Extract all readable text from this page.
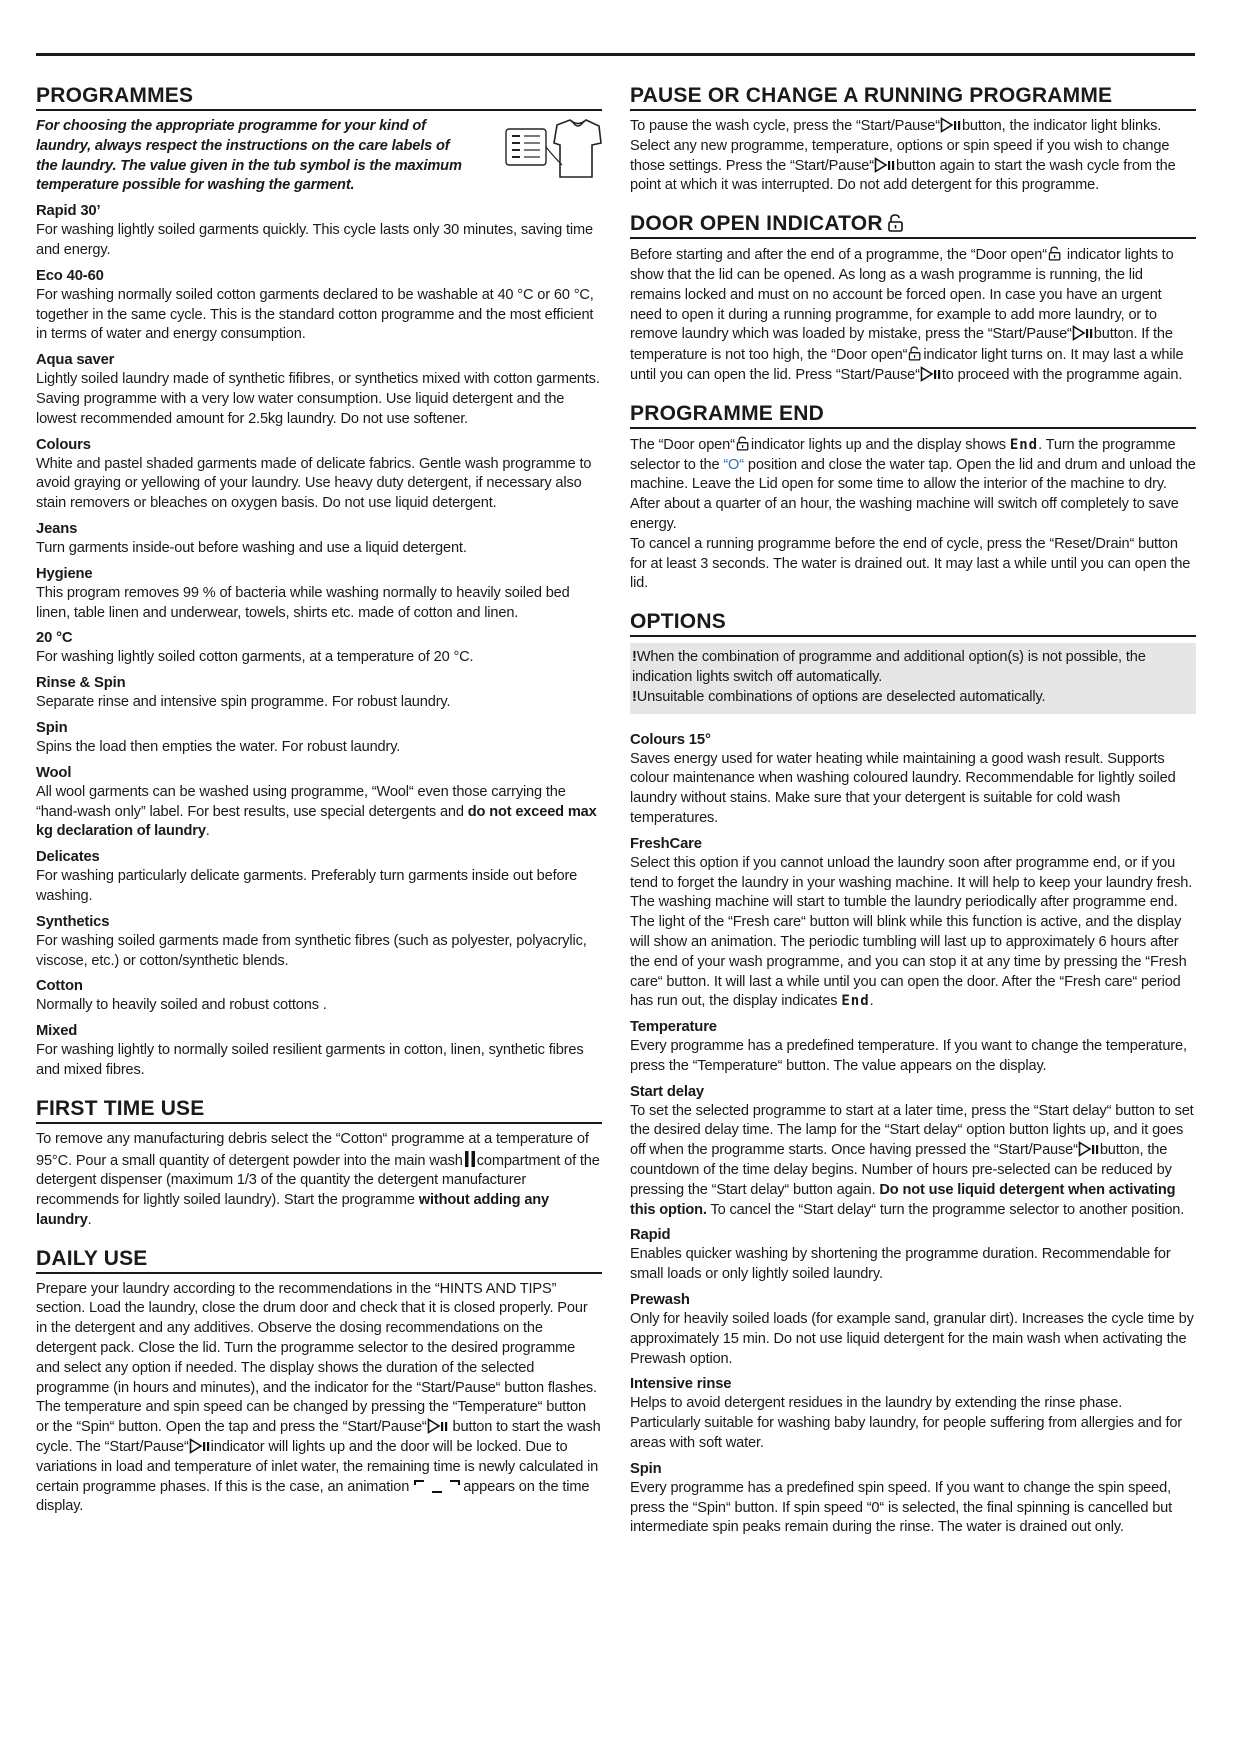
PROGRAMMES

For choosing the appropriate programme for your kind of laundry, always respect the instructions on the care labels of the laundry. The value given in the tub symbol is the maximum temperature possible for washing the garment.

Rapid 30’

For washing lightly soiled garments quickly. This cycle lasts only 30 minutes, saving time and energy.

Eco 40-60

For washing normally soiled cotton garments declared to be washable at 40 °C or 60 °C, together in the same cycle. This is the standard cotton programme and the most efficient in terms of water and energy consumption.

Aqua saver

Lightly soiled laundry made of synthetic fifibres, or synthetics mixed with cotton garments. Saving programme with a very low water consumption. Use liquid detergent and the lowest recommended amount for 2.5kg laundry. Do not use softener.

Colours

White and pastel shaded garments made of delicate fabrics. Gentle wash programme to avoid graying or yellowing of your laundry. Use heavy duty detergent, if necessary also stain removers or bleaches on oxygen basis. Do not use liquid detergent.

Jeans

Turn garments inside-out before washing and use a liquid detergent.

Hygiene

This program removes 99 % of bacteria while washing normally to heavily soiled bed linen, table linen and underwear, towels, shirts etc. made of cotton and linen.

20 °C

For washing lightly soiled cotton garments, at a temperature of 20 °C.

Rinse & Spin

Separate rinse and intensive spin programme. For robust laundry.

Spin

Spins the load then empties the water. For robust laundry.

Wool

All wool garments can be washed using programme, “Wool“ even those carrying the “hand-wash only” label. For best results, use special detergents and do not exceed max kg declaration of laundry.

Delicates

For washing particularly delicate garments. Preferably turn garments inside out before washing.

Synthetics

For washing soiled garments made from synthetic fibres (such as polyester, polyacrylic, viscose, etc.) or cotton/synthetic blends.

Cotton

Normally to heavily soiled and robust cottons .

Mixed

For washing lightly to normally soiled resilient garments in cotton, linen, synthetic fibres and mixed fibres.

FIRST TIME USE

To remove any manufacturing debris select the “Cotton“ programme at a temperature of 95°C. Pour a small quantity of detergent powder into the main wash compartment of the detergent dispenser (maximum 1/3 of the quantity the detergent manufacturer recommends for lightly soiled laundry). Start the programme without adding any laundry.

DAILY USE

Prepare your laundry according to the recommendations in the “HINTS AND TIPS” section. Load the laundry, close the drum door and check that it is closed properly. Pour in the detergent and any additives. Observe the dosing recommendations on the detergent pack. Close the lid. Turn the programme selector to the desired programme and select any option if needed. The display shows the duration of the selected programme (in hours and minutes), and the indicator for the “Start/Pause“ button flashes. The temperature and spin speed can be changed by pressing the “Temperature“ button or the “Spin“ button. Open the tap and press the “Start/Pause“ button to start the wash cycle. The “Start/Pause“ indicator will lights up and the door will be locked. Due to variations in load and temperature of inlet water, the remaining time is newly calculated in certain programme phases. If this is the case, an animation	appears on the time display.

PAUSE OR CHANGE A RUNNING PROGRAMME

To pause the wash cycle, press the “Start/Pause“ button, the indicator light blinks. Select any new programme, temperature, options or spin speed if you wish to change those settings. Press the “Start/Pause“ button again to start the wash cycle from the point at which it was interrupted. Do not add detergent for this programme.

DOOR OPEN INDICATOR

Before starting and after the end of a programme, the “Door open“ indicator lights to show that the lid can be opened. As long as a wash programme is running, the lid remains locked and must on no account be forced open. In case you have an urgent need to open it during a running programme, for example to add more laundry, or to remove laundry which was loaded by mistake, press the “Start/Pause“ button. If the temperature is not too high, the “Door open“ indicator light turns on. It may last a while until you can open the lid. Press “Start/Pause“ to proceed with the programme again.

PROGRAMME END

The “Door open“ indicator lights up and the display shows End. Turn the programme selector to the “O“ position and close the water tap. Open the lid and drum and unload the machine. Leave the Lid open for some time to allow the interior of the machine to dry. After about a quarter of an hour, the washing machine will switch off completely to save energy.

To cancel a running programme before the end of cycle, press the “Reset/Drain“ button for at least 3 seconds. The water is drained out. It may last a while until you can open the lid.

OPTIONS

!When the combination of programme and additional option(s) is not possible, the indication lights switch off automatically.

!Unsuitable combinations of options are deselected automatically.

Colours 15°

Saves energy used for water heating while maintaining a good wash result. Supports colour maintenance when washing coloured laundry. Recommendable for lightly soiled laundry without stains. Make sure that your detergent is suitable for cold wash temperatures.

FreshCare

Select this option if you cannot unload the laundry soon after programme end, or if you tend to forget the laundry in your washing machine. It will help to keep your laundry fresh. The washing machine will start to tumble the laundry periodically after programme end. The light of the “Fresh care“ button will blink while this function is active, and the display will show an animation. The periodic tumbling will last up to approximately 6 hours after the end of your wash programme, and you can stop it at any time by pressing the “Fresh care“ button. It will last a while until you can open the door. After the “Fresh care“ period has run out, the display indicates End.

Temperature

Every programme has a predefined temperature. If you want to change the temperature, press the “Temperature“ button. The value appears on the display.

Start delay

To set the selected programme to start at a later time, press the “Start delay“ button to set the desired delay time. The lamp for the “Start delay“ option button lights up, and it goes off when the programme starts. Once having pressed the “Start/Pause“ button, the countdown of the time delay begins. Number of hours pre-selected can be reduced by pressing the “Start delay“ button again. Do not use liquid detergent when activating this option. To cancel the “Start delay“ turn the programme selector to another position.

Rapid

Enables quicker washing by shortening the programme duration. Recommendable for small loads or only lightly soiled laundry.

Prewash

Only for heavily soiled loads (for example sand, granular dirt). Increases the cycle time by approximately 15 min. Do not use liquid detergent for the main wash when activating the Prewash option.

Intensive rinse

Helps to avoid detergent residues in the laundry by extending the rinse phase. Particularly suitable for washing baby laundry, for people suffering from allergies and for areas with soft water.

Spin

Every programme has a predefined spin speed. If you want to change the spin speed, press the “Spin“ button. If spin speed “0“ is selected, the final spinning is cancelled but intermediate spin peaks remain during the rinse. The water is drained out only.
